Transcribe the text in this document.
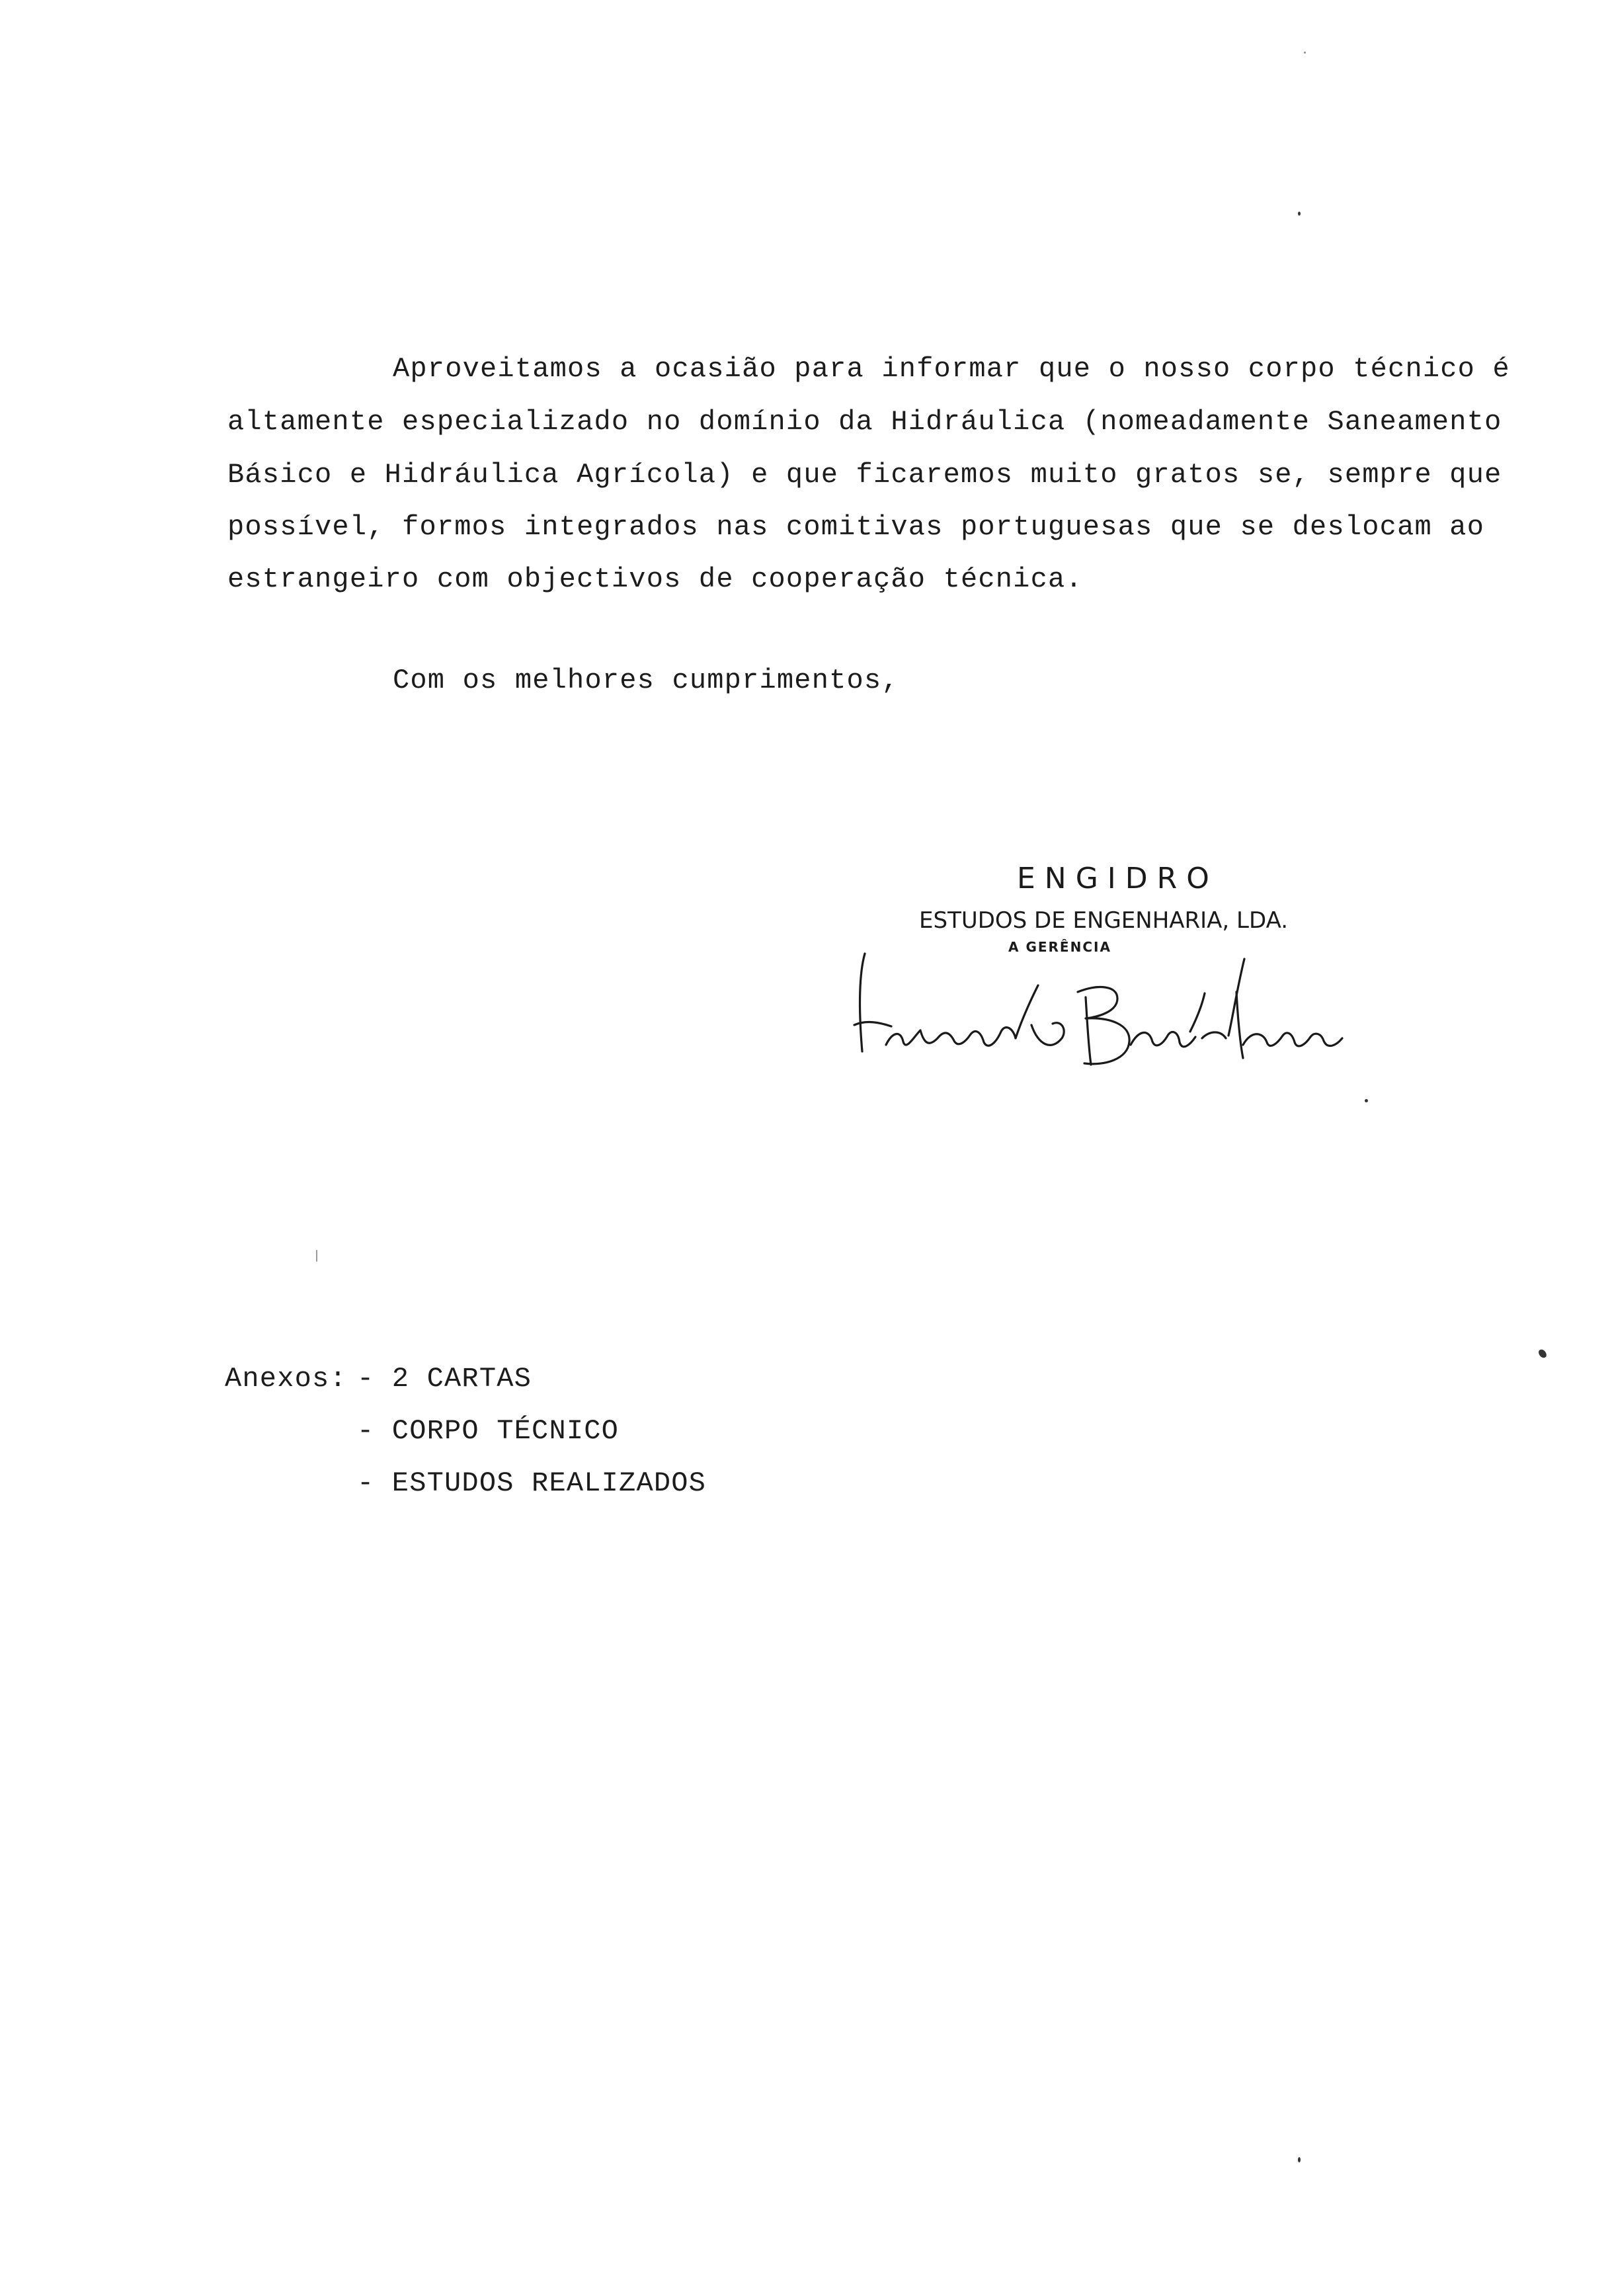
Aproveitamos a ocasião para informar que o nosso corpo técnico é
altamente especializado no domínio da Hidráulica (nomeadamente Saneamento
Básico e Hidráulica Agrícola) e que ficaremos muito gratos se, sempre que
possível, formos integrados nas comitivas portuguesas que se deslocam ao
estrangeiro com objectivos de cooperação técnica.
Com os melhores cumprimentos,
ENGIDRO
ESTUDOS DE ENGENHARIA, LDA.
A GERÊNCIA
Anexos: - 2 CARTAS
- CORPO TÉCNICO
- ESTUDOS REALIZADOS
